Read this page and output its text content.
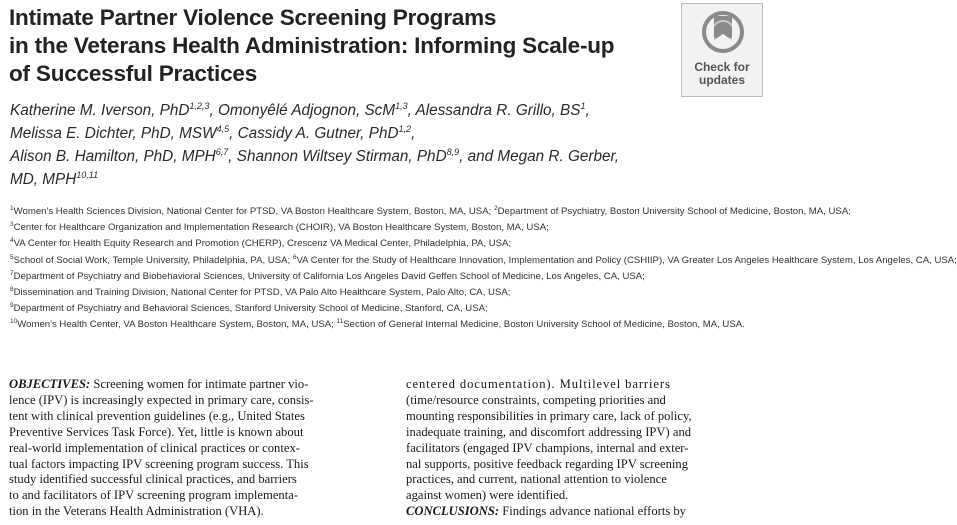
Intimate Partner Violence Screening Programs
in the Veterans Health Administration: Informing Scale-up
of Successful Practices	Check for
updates
Katherine M. Iverson, PhD$^{1,2,3}$, Omonyêlé Adjognon, ScM$^{1,3}$, Alessandra R. Grillo, $BS^1$,
Melissa E. Dichter, PhD, MSW$^{4,5}$, Cassidy A. Gutner, PhD$^{1,2}$,
Alison B. Hamilton, PhD, MPH$^{6,7}$, Shannon Wiltsey Stirman, PhD$^{8,9}$, and Megan R. Gerber,
MD, MPH$^{10,11}$
$^1$Women's Health Sciences Division, National Center for PTSD, VA Boston Healthcare System, Boston, MA, USA; $^2$Department of Psychiatry, Boston University School of Medicine, Boston, MA, USA;
$^3$Center for Healthcare Organization and Implementation Research (CHOIR), VA Boston Healthcare System, Boston, MA, USA;
$^4$VA Center for Health Equity Research and Promotion (CHERP), Crescenz VA Medical Center, Philadelphia, PA, USA;
$^5$School of Social Work, Temple University, Philadelphia, PA, USA; $^6$VA Center for the Study of Healthcare Innovation, Implementation and Policy (CSHIIP), VA Greater Los Angeles Healthcare System, Los Angeles, CA, USA;
$^7$Department of Psychiatry and Biobehavioral Sciences, University of California Los Angeles David Geffen School of Medicine, Los Angeles, CA, USA;
$^8$Dissemination and Training Division, National Center for PTSD, VA Palo Alto Healthcare System, Palo Alto, CA, USA;
$^9$Department of Psychiatry and Behavioral Sciences, Stanford University School of Medicine, Stanford, CA, USA;
$^{10}$Women's Health Center, VA Boston Healthcare System, Boston, MA, USA; $^{11}$Section of General Internal Medicine, Boston University School of Medicine, Boston, MA, USA.
OBJECTIVES: Screening women for intimate partner vio-
lence (IPV) is increasingly expected in primary care, consis-
tent with clinical prevention guidelines (e.g., United States
Preventive Services Task Force). Yet, little is known about
real-world implementation of clinical practices or contex-
tual factors impacting IPV screening program success. This
study identified successful clinical practices, and barriers
to and facilitators of IPV screening program implementa-
tion in the Veterans Health Administration (VHA).
centered documentation). Multilevel barriers
(time/resource constraints, competing priorities and
mounting responsibilities in primary care, lack of policy,
inadequate training, and discomfort addressing IPV) and
facilitators (engaged IPV champions, internal and exter-
nal supports, positive feedback regarding IPV screening
practices, and current, national attention to violence
against women) were identified.
CONCLUSIONS: Findings advance national efforts by
